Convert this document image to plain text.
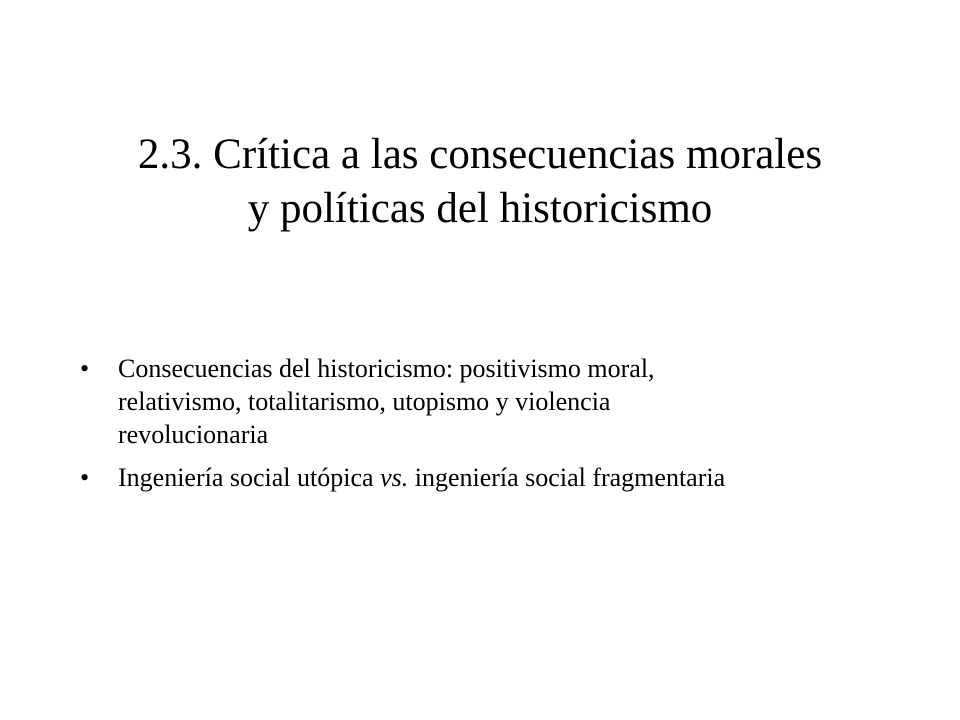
2.3. Crítica a las consecuencias morales
y políticas del historicismo
• Consecuencias del historicismo: positivismo moral,
relativismo, totalitarismo, utopismo y violencia
revolucionaria
• Ingeniería social utópica vs. ingeniería social fragmentaria
